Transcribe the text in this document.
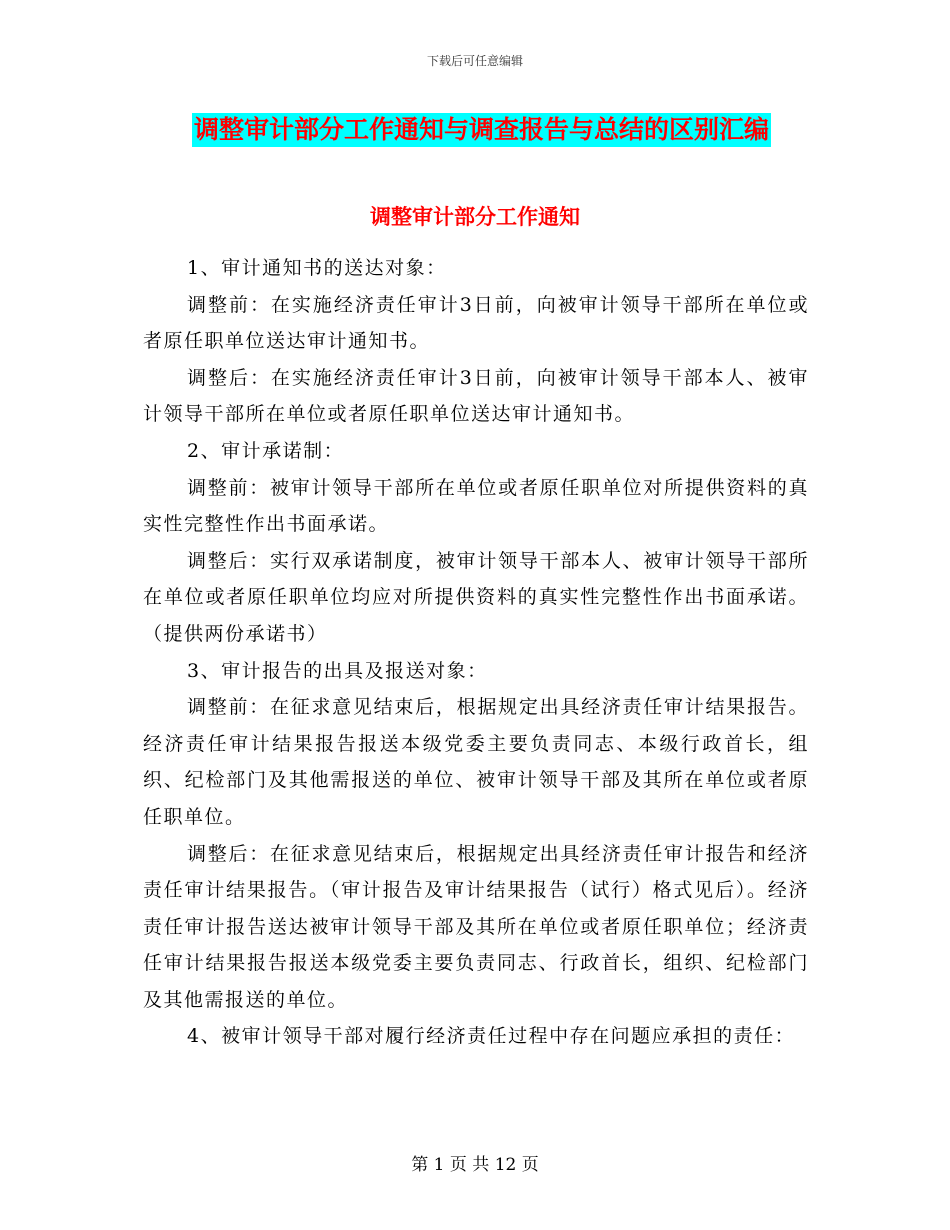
下载后可任意编辑
调整审计部分工作通知与调查报告与总结的区别汇编
调整审计部分工作通知

1、审计通知书的送达对象：

调整前：在实施经济责任审计3日前，向被审计领导干部所在单位或者原任职单位送达审计通知书。

调整后：在实施经济责任审计3日前，向被审计领导干部本人、被审计领导干部所在单位或者原任职单位送达审计通知书。

2、审计承诺制：

调整前：被审计领导干部所在单位或者原任职单位对所提供资料的真实性完整性作出书面承诺。

调整后：实行双承诺制度，被审计领导干部本人、被审计领导干部所在单位或者原任职单位均应对所提供资料的真实性完整性作出书面承诺。（提供两份承诺书）

3、审计报告的出具及报送对象：

调整前：在征求意见结束后，根据规定出具经济责任审计结果报告。经济责任审计结果报告报送本级党委主要负责同志、本级行政首长，组织、纪检部门及其他需报送的单位、被审计领导干部及其所在单位或者原任职单位。

调整后：在征求意见结束后，根据规定出具经济责任审计报告和经济责任审计结果报告。（审计报告及审计结果报告（试行）格式见后）。经济责任审计报告送达被审计领导干部及其所在单位或者原任职单位；经济责任审计结果报告报送本级党委主要负责同志、行政首长，组织、纪检部门及其他需报送的单位。

4、被审计领导干部对履行经济责任过程中存在问题应承担的责任：

第 1 页 共 12 页
